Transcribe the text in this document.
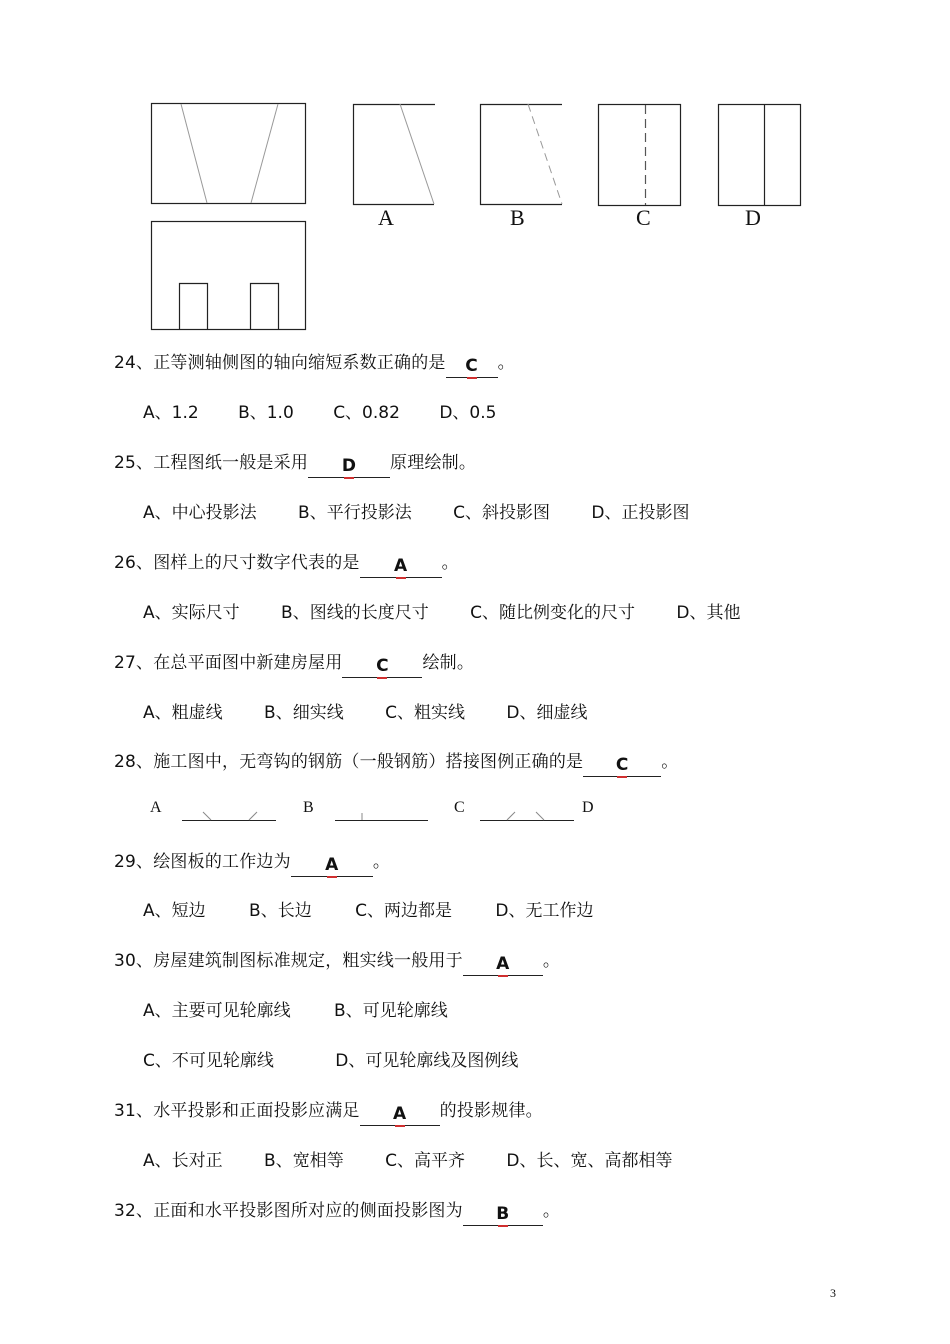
A	B	C	D
24、正等测轴侧图的轴向缩短系数正确的是 C 。
A、1.2 B、1.0 C、0.82 D、0.5
25、工程图纸一般是采用 D 原理绘制。
A、中心投影法 B、平行投影法 C、斜投影图 D、正投影图
26、图样上的尺寸数字代表的是 A 。
A、实际尺寸 B、图线的长度尺寸 C、随比例变化的尺寸 D、其他
27、在总平面图中新建房屋用 C 绘制。
A、粗虚线 B、细实线 C、粗实线 D、细虚线
28、施工图中，无弯钩的钢筋（一般钢筋）搭接图例正确的是 C 。
A	B	C	D
29、绘图板的工作边为 A 。
A、短边	B、长边	C、两边都是	D、无工作边
30、房屋建筑制图标准规定，粗实线一般用于 A 。
A、主要可见轮廓线	B、可见轮廓线
C、不可见轮廓线	D、可见轮廓线及图例线
31、水平投影和正面投影应满足 A 的投影规律。
A、长对正 B、宽相等 C、高平齐 D、长、宽、高都相等
32、正面和水平投影图所对应的侧面投影图为 B 。
3
